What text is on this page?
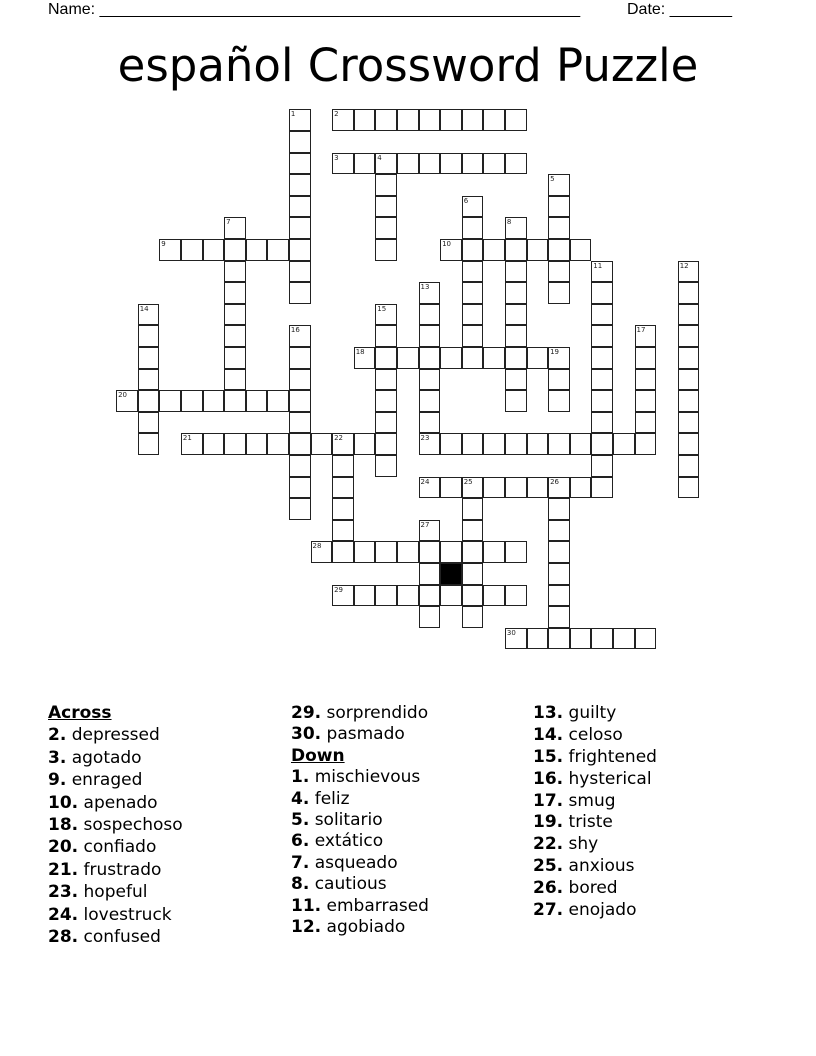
Name: ______________________________________________________	Date: _______
español Crossword Puzzle
1	2
3	4
5
6
7	8
9	10
11	12
13
23
14	15
16	17
18	19
20
21	22
24	25	26
27
28
29
30
Across
2. depressed
3. agotado
9. enraged
10. apenado
18. sospechoso
20. confiado
21. frustrado
23. hopeful
24. lovestruck
28. confused
29. sorprendido
30. pasmado
Down
1. mischievous
4. feliz
5. solitario
6. extático
7. asqueado
8. cautious
11. embarrased
12. agobiado
13. guilty
14. celoso
15. frightened
16. hysterical
17. smug
19. triste
22. shy
25. anxious
26. bored
27. enojado
